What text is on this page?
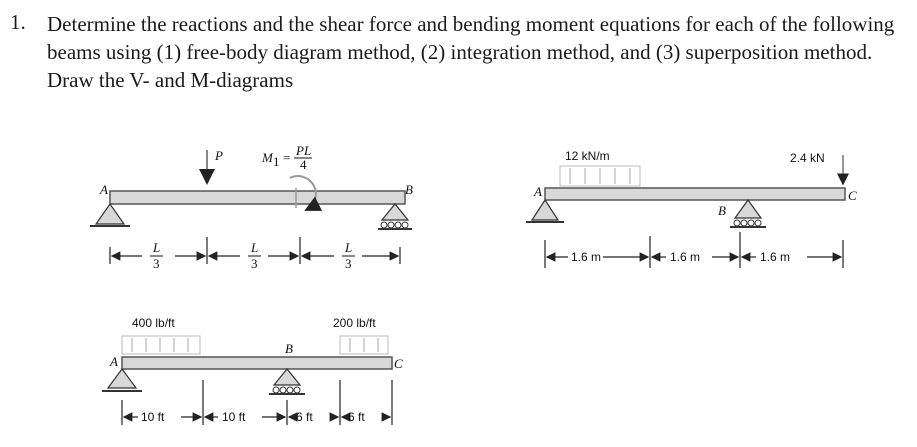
1. Determine the reactions and the shear force and bending moment equations for each of the following beams using (1) free-body diagram method, (2) integration method, and (3) superposition method. Draw the V- and M-diagrams
P	M 1 = PL
4
A	B
L
3
L
3
L
3
12 kN/m	2.4 kN
A
B
C
1.6 m	1.6 m	1.6 m
400 lb/ft	200 lb/ft
A
B
C
10 ft	10 ft	6 ft	6 ft
